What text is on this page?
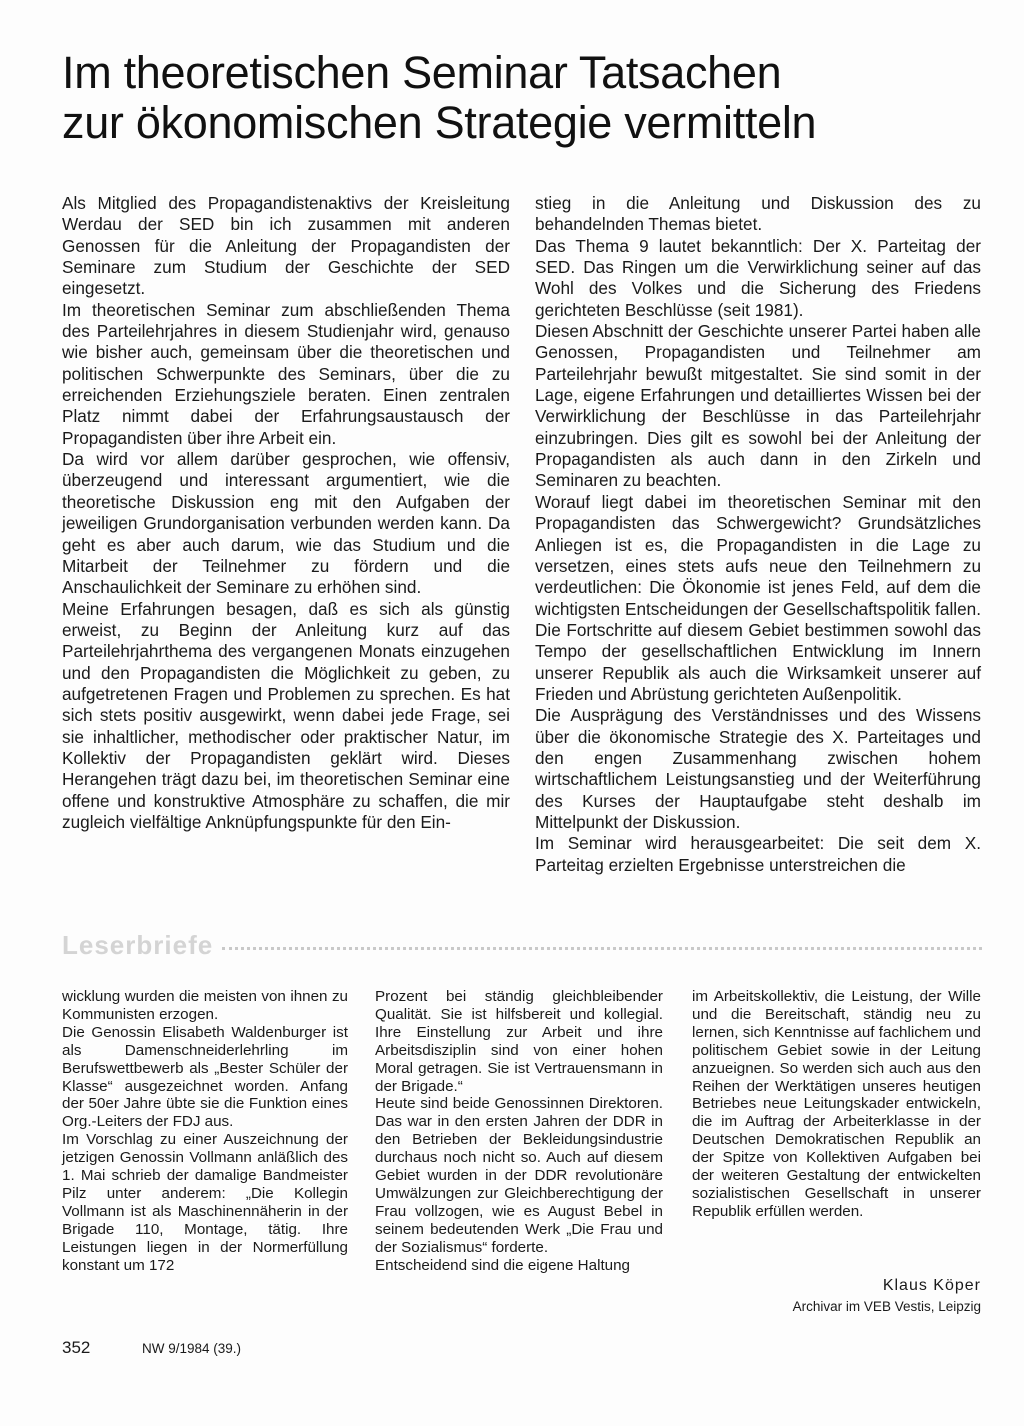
Im theoretischen Seminar Tatsachen
zur ökonomischen Strategie vermitteln

Als Mitglied des Propagandistenaktivs der Kreisleitung Werdau der SED bin ich zusammen mit anderen Genossen für die Anleitung der Propagandisten der Seminare zum Studium der Geschichte der SED eingesetzt.

Im theoretischen Seminar zum abschließenden Thema des Parteilehrjahres in diesem Studienjahr wird, genauso wie bisher auch, gemeinsam über die theoretischen und politischen Schwerpunkte des Seminars, über die zu erreichenden Erziehungsziele beraten. Einen zentralen Platz nimmt dabei der Erfahrungsaustausch der Propagandisten über ihre Arbeit ein.

Da wird vor allem darüber gesprochen, wie offensiv, überzeugend und interessant argumentiert, wie die theoretische Diskussion eng mit den Aufgaben der jeweiligen Grundorganisation verbunden werden kann. Da geht es aber auch darum, wie das Studium und die Mitarbeit der Teilnehmer zu fördern und die Anschaulichkeit der Seminare zu erhöhen sind.

Meine Erfahrungen besagen, daß es sich als günstig erweist, zu Beginn der Anleitung kurz auf das Parteilehrjahrthema des vergangenen Monats einzugehen und den Propagandisten die Möglichkeit zu geben, zu aufgetretenen Fragen und Problemen zu sprechen. Es hat sich stets positiv ausgewirkt, wenn dabei jede Frage, sei sie inhaltlicher, methodischer oder praktischer Natur, im Kollektiv der Propagandisten geklärt wird. Dieses Herangehen trägt dazu bei, im theoretischen Seminar eine offene und konstruktive Atmosphäre zu schaffen, die mir zugleich vielfältige Anknüpfungspunkte für den Ein-

stieg in die Anleitung und Diskussion des zu behandelnden Themas bietet.

Das Thema 9 lautet bekanntlich: Der X. Parteitag der SED. Das Ringen um die Verwirklichung seiner auf das Wohl des Volkes und die Sicherung des Friedens gerichteten Beschlüsse (seit 1981).

Diesen Abschnitt der Geschichte unserer Partei haben alle Genossen, Propagandisten und Teilnehmer am Parteilehrjahr bewußt mitgestaltet. Sie sind somit in der Lage, eigene Erfahrungen und detailliertes Wissen bei der Verwirklichung der Beschlüsse in das Parteilehrjahr einzubringen. Dies gilt es sowohl bei der Anleitung der Propagandisten als auch dann in den Zirkeln und Seminaren zu beachten.

Worauf liegt dabei im theoretischen Seminar mit den Propagandisten das Schwergewicht? Grundsätzliches Anliegen ist es, die Propagandisten in die Lage zu versetzen, eines stets aufs neue den Teilnehmern zu verdeutlichen: Die Ökonomie ist jenes Feld, auf dem die wichtigsten Entscheidungen der Gesellschaftspolitik fallen. Die Fortschritte auf diesem Gebiet bestimmen sowohl das Tempo der gesellschaftlichen Entwicklung im Innern unserer Republik als auch die Wirksamkeit unserer auf Frieden und Abrüstung gerichteten Außenpolitik.

Die Ausprägung des Verständnisses und des Wissens über die ökonomische Strategie des X. Parteitages und den engen Zusammenhang zwischen hohem wirtschaftlichem Leistungsanstieg und der Weiterführung des Kurses der Hauptaufgabe steht deshalb im Mittelpunkt der Diskussion.

Im Seminar wird herausgearbeitet: Die seit dem X. Parteitag erzielten Ergebnisse unterstreichen die

Leserbriefe

wicklung wurden die meisten von ihnen zu Kommunisten erzogen.

Die Genossin Elisabeth Waldenburger ist als Damenschneiderlehrling im Berufswettbewerb als „Bester Schüler der Klasse“ ausgezeichnet worden. Anfang der 50er Jahre übte sie die Funktion eines Org.-Leiters der FDJ aus.

Im Vorschlag zu einer Auszeichnung der jetzigen Genossin Vollmann anläßlich des 1. Mai schrieb der damalige Bandmeister Pilz unter anderem: „Die Kollegin Vollmann ist als Maschinennäherin in der Brigade 110, Montage, tätig. Ihre Leistungen liegen in der Normerfüllung konstant um 172

Prozent bei ständig gleichbleibender Qualität. Sie ist hilfsbereit und kollegial. Ihre Einstellung zur Arbeit und ihre Arbeitsdisziplin sind von einer hohen Moral getragen. Sie ist Vertrauensmann in der Brigade.“

Heute sind beide Genossinnen Direktoren. Das war in den ersten Jahren der DDR in den Betrieben der Bekleidungsindustrie durchaus noch nicht so. Auch auf diesem Gebiet wurden in der DDR revolutionäre Umwälzungen zur Gleichberechtigung der Frau vollzogen, wie es August Bebel in seinem bedeutenden Werk „Die Frau und der Sozialismus“ forderte.

Entscheidend sind die eigene Haltung

im Arbeitskollektiv, die Leistung, der Wille und die Bereitschaft, ständig neu zu lernen, sich Kenntnisse auf fachlichem und politischem Gebiet sowie in der Leitung anzueignen. So werden sich auch aus den Reihen der Werktätigen unseres heutigen Betriebes neue Leitungskader entwickeln, die im Auftrag der Arbeiterklasse in der Deutschen Demokratischen Republik an der Spitze von Kollektiven Aufgaben bei der weiteren Gestaltung der entwickelten sozialistischen Gesellschaft in unserer Republik erfüllen werden.

Klaus Köper
Archivar im VEB Vestis, Leipzig
352	NW 9/1984 (39.)
